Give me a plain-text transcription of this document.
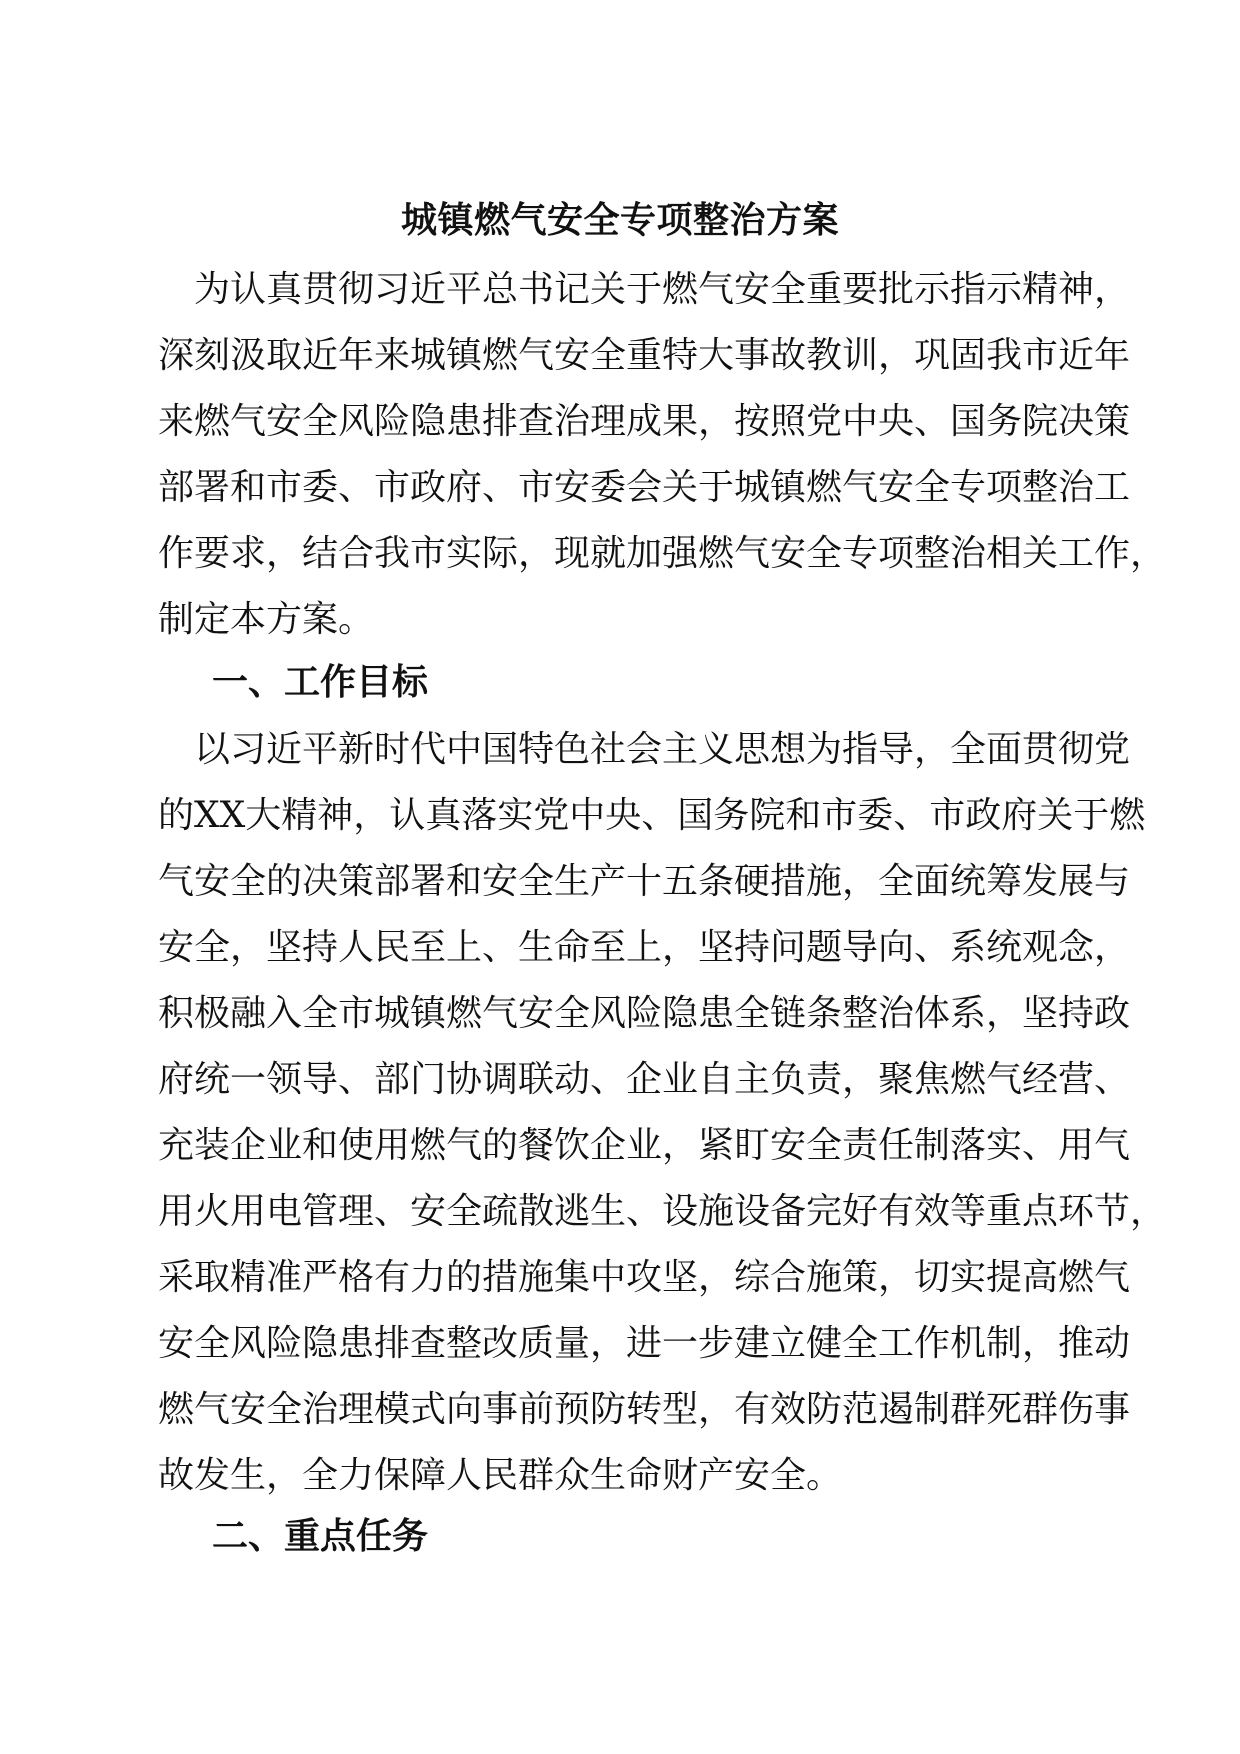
城镇燃气安全专项整治方案
　为认真贯彻习近平总书记关于燃气安全重要批示指示精神，
深刻汲取近年来城镇燃气安全重特大事故教训，巩固我市近年
来燃气安全风险隐患排查治理成果，按照党中央、国务院决策
部署和市委、市政府、市安委会关于城镇燃气安全专项整治工
作要求，结合我市实际，现就加强燃气安全专项整治相关工作，
制定本方案。
一、工作目标
　以习近平新时代中国特色社会主义思想为指导，全面贯彻党
的XX大精神，认真落实党中央、国务院和市委、市政府关于燃
气安全的决策部署和安全生产十五条硬措施，全面统筹发展与
安全，坚持人民至上、生命至上，坚持问题导向、系统观念，
积极融入全市城镇燃气安全风险隐患全链条整治体系，坚持政
府统一领导、部门协调联动、企业自主负责，聚焦燃气经营、
充装企业和使用燃气的餐饮企业，紧盯安全责任制落实、用气
用火用电管理、安全疏散逃生、设施设备完好有效等重点环节，
采取精准严格有力的措施集中攻坚，综合施策，切实提高燃气
安全风险隐患排查整改质量，进一步建立健全工作机制，推动
燃气安全治理模式向事前预防转型，有效防范遏制群死群伤事
故发生，全力保障人民群众生命财产安全。
二、重点任务
